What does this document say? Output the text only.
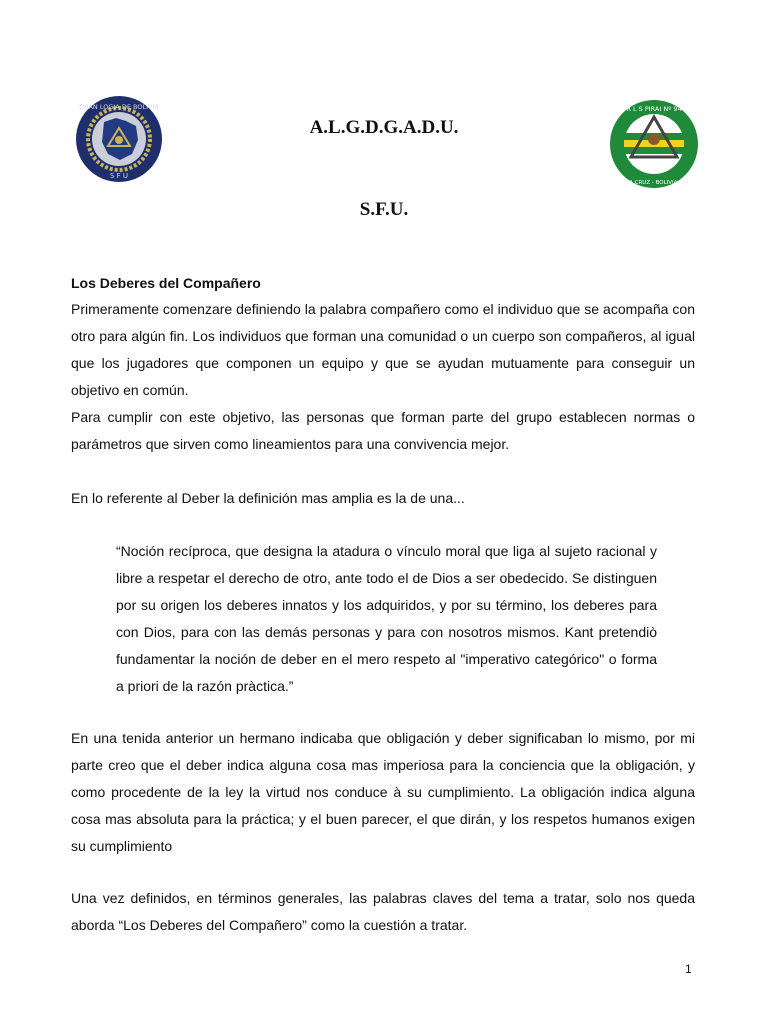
GRAN LOGIA DE BOLIVIA
S F U
R L S PIRAI Nº 94
SANTA CRUZ - BOLIVIA 2002
A.L.G.D.G.A.D.U.
S.F.U.

Los Deberes del Compañero

Primeramente comenzare definiendo la palabra compañero como el individuo que se acompaña con otro para algún fin. Los individuos que forman una comunidad o un cuerpo son compañeros, al igual que los jugadores que componen un equipo y que se ayudan mutuamente para conseguir un objetivo en común.

Para cumplir con este objetivo, las personas que forman parte del grupo establecen normas o parámetros que sirven como lineamientos para una convivencia mejor.

En lo referente al Deber la definición mas amplia es la de una...

“Noción recíproca, que designa la atadura o vínculo moral que liga al sujeto racional y libre a respetar el derecho de otro, ante todo el de Dios a ser obedecido. Se distinguen por su origen los deberes innatos y los adquiridos, y por su término, los deberes para con Dios, para con las demás personas y para con nosotros mismos. Kant pretendiò fundamentar la noción de deber en el mero respeto al "imperativo categórico" o forma a priori de la razón pràctica.”

En una tenida anterior un hermano indicaba que obligación y deber significaban lo mismo, por mi parte creo que el deber indica alguna cosa mas imperiosa para la conciencia que la obligación, y como procedente de la ley la virtud nos conduce à su cumplimiento. La obligación indica alguna cosa mas absoluta para la práctica; y el buen parecer, el que dirán, y los respetos humanos exigen su cumplimiento

Una vez definidos, en términos generales, las palabras claves del tema a tratar, solo nos queda aborda “Los Deberes del Compañero” como la cuestión a tratar.

1
